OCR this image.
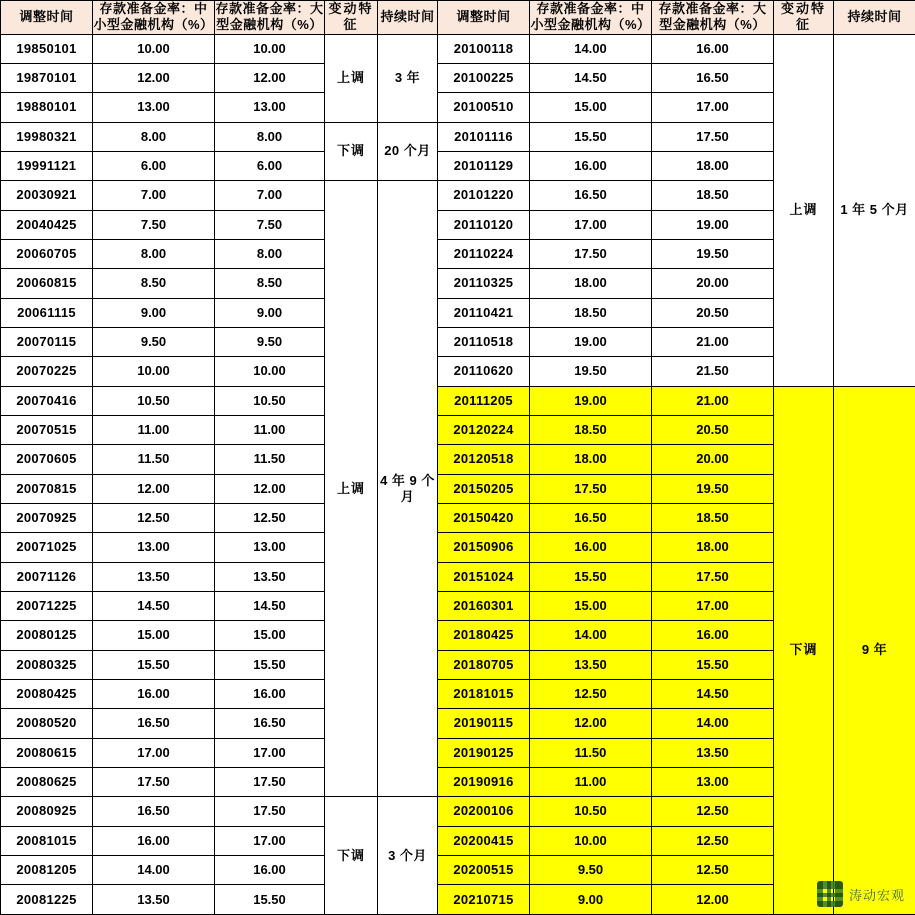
调整时间	存款准备金率：中小型金融机构（%）	存款准备金率：大型金融机构（%）	变动特征	持续时间	调整时间	存款准备金率：中小型金融机构（%）	存款准备金率：大型金融机构（%）	变动特征	持续时间
19850101	10.00	10.00	上调	3 年	20100118	14.00	16.00	上调	1 年 5 个月
19870101	12.00	12.00			20100225	14.50	16.50		
19880101	13.00	13.00			20100510	15.00	17.00		
19980321	8.00	8.00	下调	20 个月	20101116	15.50	17.50		
19991121	6.00	6.00			20101129	16.00	18.00		
20030921	7.00	7.00	上调	4 年 9 个月	20101220	16.50	18.50		
20040425	7.50	7.50			20110120	17.00	19.00		
20060705	8.00	8.00			20110224	17.50	19.50		
20060815	8.50	8.50			20110325	18.00	20.00		
20061115	9.00	9.00			20110421	18.50	20.50		
20070115	9.50	9.50			20110518	19.00	21.00		
20070225	10.00	10.00			20110620	19.50	21.50		
20070416	10.50	10.50			20111205	19.00	21.00	下调	9 年
20070515	11.00	11.00			20120224	18.50	20.50		
20070605	11.50	11.50			20120518	18.00	20.00		
20070815	12.00	12.00			20150205	17.50	19.50		
20070925	12.50	12.50			20150420	16.50	18.50		
20071025	13.00	13.00			20150906	16.00	18.00		
20071126	13.50	13.50			20151024	15.50	17.50		
20071225	14.50	14.50			20160301	15.00	17.00		
20080125	15.00	15.00			20180425	14.00	16.00		
20080325	15.50	15.50			20180705	13.50	15.50		
20080425	16.00	16.00			20181015	12.50	14.50		
20080520	16.50	16.50			20190115	12.00	14.00		
20080615	17.00	17.00			20190125	11.50	13.50		
20080625	17.50	17.50			20190916	11.00	13.00		
20080925	16.50	17.50	下调	3 个月	20200106	10.50	12.50		
20081015	16.00	17.00			20200415	10.00	12.50		
20081205	14.00	16.00			20200515	9.50	12.50		
20081225	13.50	15.50			20210715	9.00	12.00			涛动宏观
